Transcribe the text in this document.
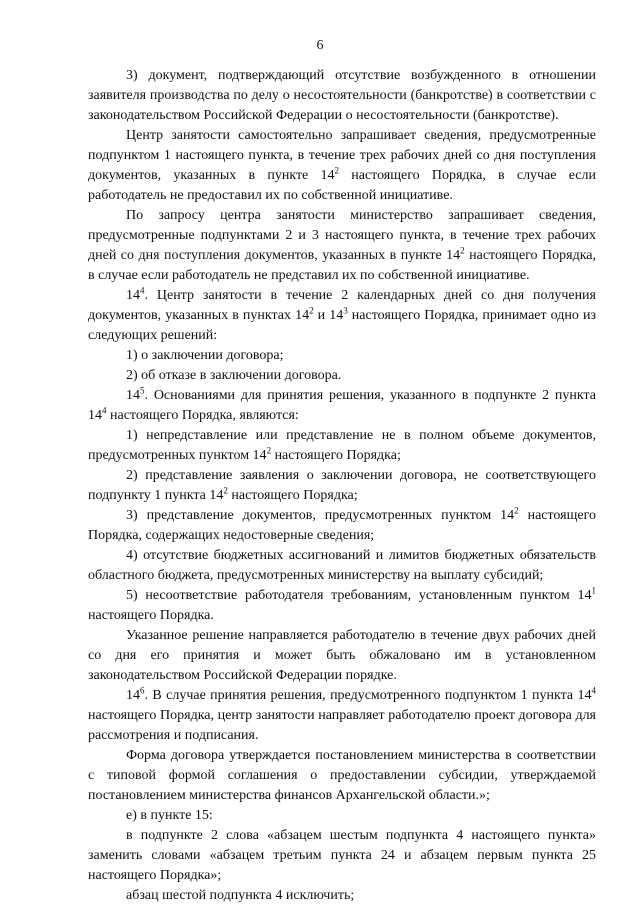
6

3) документ, подтверждающий отсутствие возбужденного в отношении заявителя производства по делу о несостоятельности (банкротстве) в соответствии с законодательством Российской Федерации о несостоятельности (банкротстве).

Центр занятости самостоятельно запрашивает сведения, предусмотренные подпунктом 1 настоящего пункта, в течение трех рабочих дней со дня поступления документов, указанных в пункте $14^2$ настоящего Порядка, в случае если работодатель не предоставил их по собственной инициативе.

По запросу центра занятости министерство запрашивает сведения, предусмотренные подпунктами 2 и 3 настоящего пункта, в течение трех рабочих дней со дня поступления документов, указанных в пункте $14^2$ настоящего Порядка, в случае если работодатель не представил их по собственной инициативе.

$14^4$. Центр занятости в течение 2 календарных дней со дня получения документов, указанных в пунктах $14^2$ и $14^3$ настоящего Порядка, принимает одно из следующих решений:

1) о заключении договора;

2) об отказе в заключении договора.

$14^5$. Основаниями для принятия решения, указанного в подпункте 2 пункта $14^4$ настоящего Порядка, являются:

1) непредставление или представление не в полном объеме документов, предусмотренных пунктом $14^2$ настоящего Порядка;

2) представление заявления о заключении договора, не соответствующего подпункту 1 пункта $14^2$ настоящего Порядка;

3) представление документов, предусмотренных пунктом $14^2$ настоящего Порядка, содержащих недостоверные сведения;

4) отсутствие бюджетных ассигнований и лимитов бюджетных обязательств областного бюджета, предусмотренных министерству на выплату субсидий;

5) несоответствие работодателя требованиям, установленным пунктом $14^1$ настоящего Порядка.

Указанное решение направляется работодателю в течение двух рабочих дней со дня его принятия и может быть обжаловано им в установленном законодательством Российской Федерации порядке.

$14^6$. В случае принятия решения, предусмотренного подпунктом 1 пункта $14^4$ настоящего Порядка, центр занятости направляет работодателю проект договора для рассмотрения и подписания.

Форма договора утверждается постановлением министерства в соответствии с типовой формой соглашения о предоставлении субсидии, утверждаемой постановлением министерства финансов Архангельской области.»;

е) в пункте 15:

в подпункте 2 слова «абзацем шестым подпункта 4 настоящего пункта» заменить словами «абзацем третьим пункта 24 и абзацем первым пункта 25 настоящего Порядка»;

абзац шестой подпункта 4 исключить;
